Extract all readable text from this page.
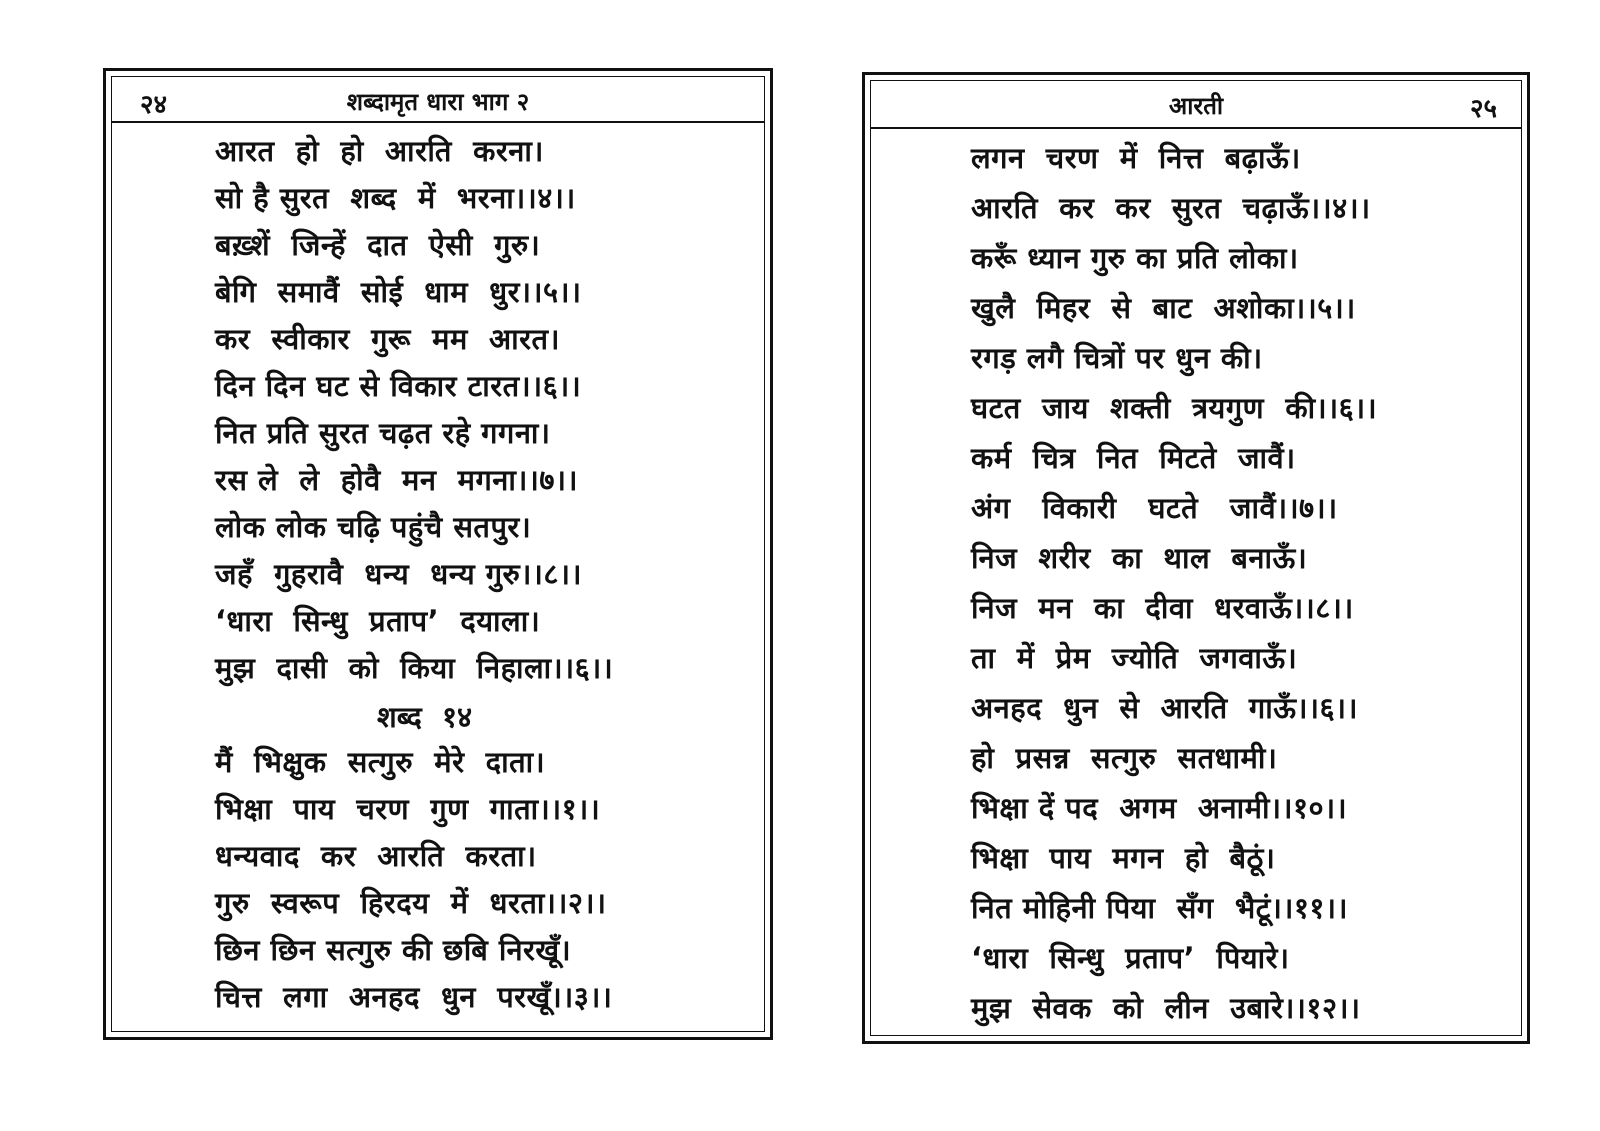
२४	शब्दामृत धारा भाग २
आरत  हो  हो  आरति  करना।
सो है सुरत  शब्द  में  भरना।।४।।
बख़्शें  जिन्हें  दात  ऐसी  गुरु।
बेगि  समावैं  सोई  धाम  धुर।।५।।
कर  स्वीकार  गुरू  मम  आरत।
दिन दिन घट से विकार टारत।।६।।
नित प्रति सुरत चढ़त रहे गगना।
रस ले  ले  होवै  मन  मगना।।७।।
लोक लोक चढ़ि पहुंचै सतपुर।
जहँ  गुहरावै  धन्य  धन्य गुरु।।८।।
‘धारा  सिन्धु  प्रताप’  दयाला।
मुझ  दासी  को  किया  निहाला।।६।।
शब्द  १४
मैं  भिक्षुक  सत्गुरु  मेरे  दाता।
भिक्षा  पाय  चरण  गुण  गाता।।१।।
धन्यवाद  कर  आरति  करता।
गुरु  स्वरूप  हिरदय  में  धरता।।२।।
छिन छिन सत्गुरु की छबि निरखूँ।
चित्त  लगा  अनहद  धुन  परखूँ।।३।।
आरती	२५
लगन  चरण  में  नित्त  बढ़ाऊँ।
आरति  कर  कर  सुरत  चढ़ाऊँ।।४।।
करूँ ध्यान गुरु का प्रति लोका।
खुलै  मिहर  से  बाट  अशोका।।५।।
रगड़ लगै चित्रों पर धुन की।
घटत  जाय  शक्ती  त्रयगुण  की।।६।।
कर्म  चित्र  नित  मिटते  जावैं।
अंग   विकारी   घटते   जावैं।।७।।
निज  शरीर  का  थाल  बनाऊँ।
निज  मन  का  दीवा  धरवाऊँ।।८।।
ता  में  प्रेम  ज्योति  जगवाऊँ।
अनहद  धुन  से  आरति  गाऊँ।।६।।
हो  प्रसन्न  सत्गुरु  सतधामी।
भिक्षा दें पद  अगम  अनामी।।१०।।
भिक्षा  पाय  मगन  हो  बैठूं।
नित मोहिनी पिया  सँग  भैटूं।।११।।
‘धारा  सिन्धु  प्रताप’  पियारे।
मुझ  सेवक  को  लीन  उबारे।।१२।।
